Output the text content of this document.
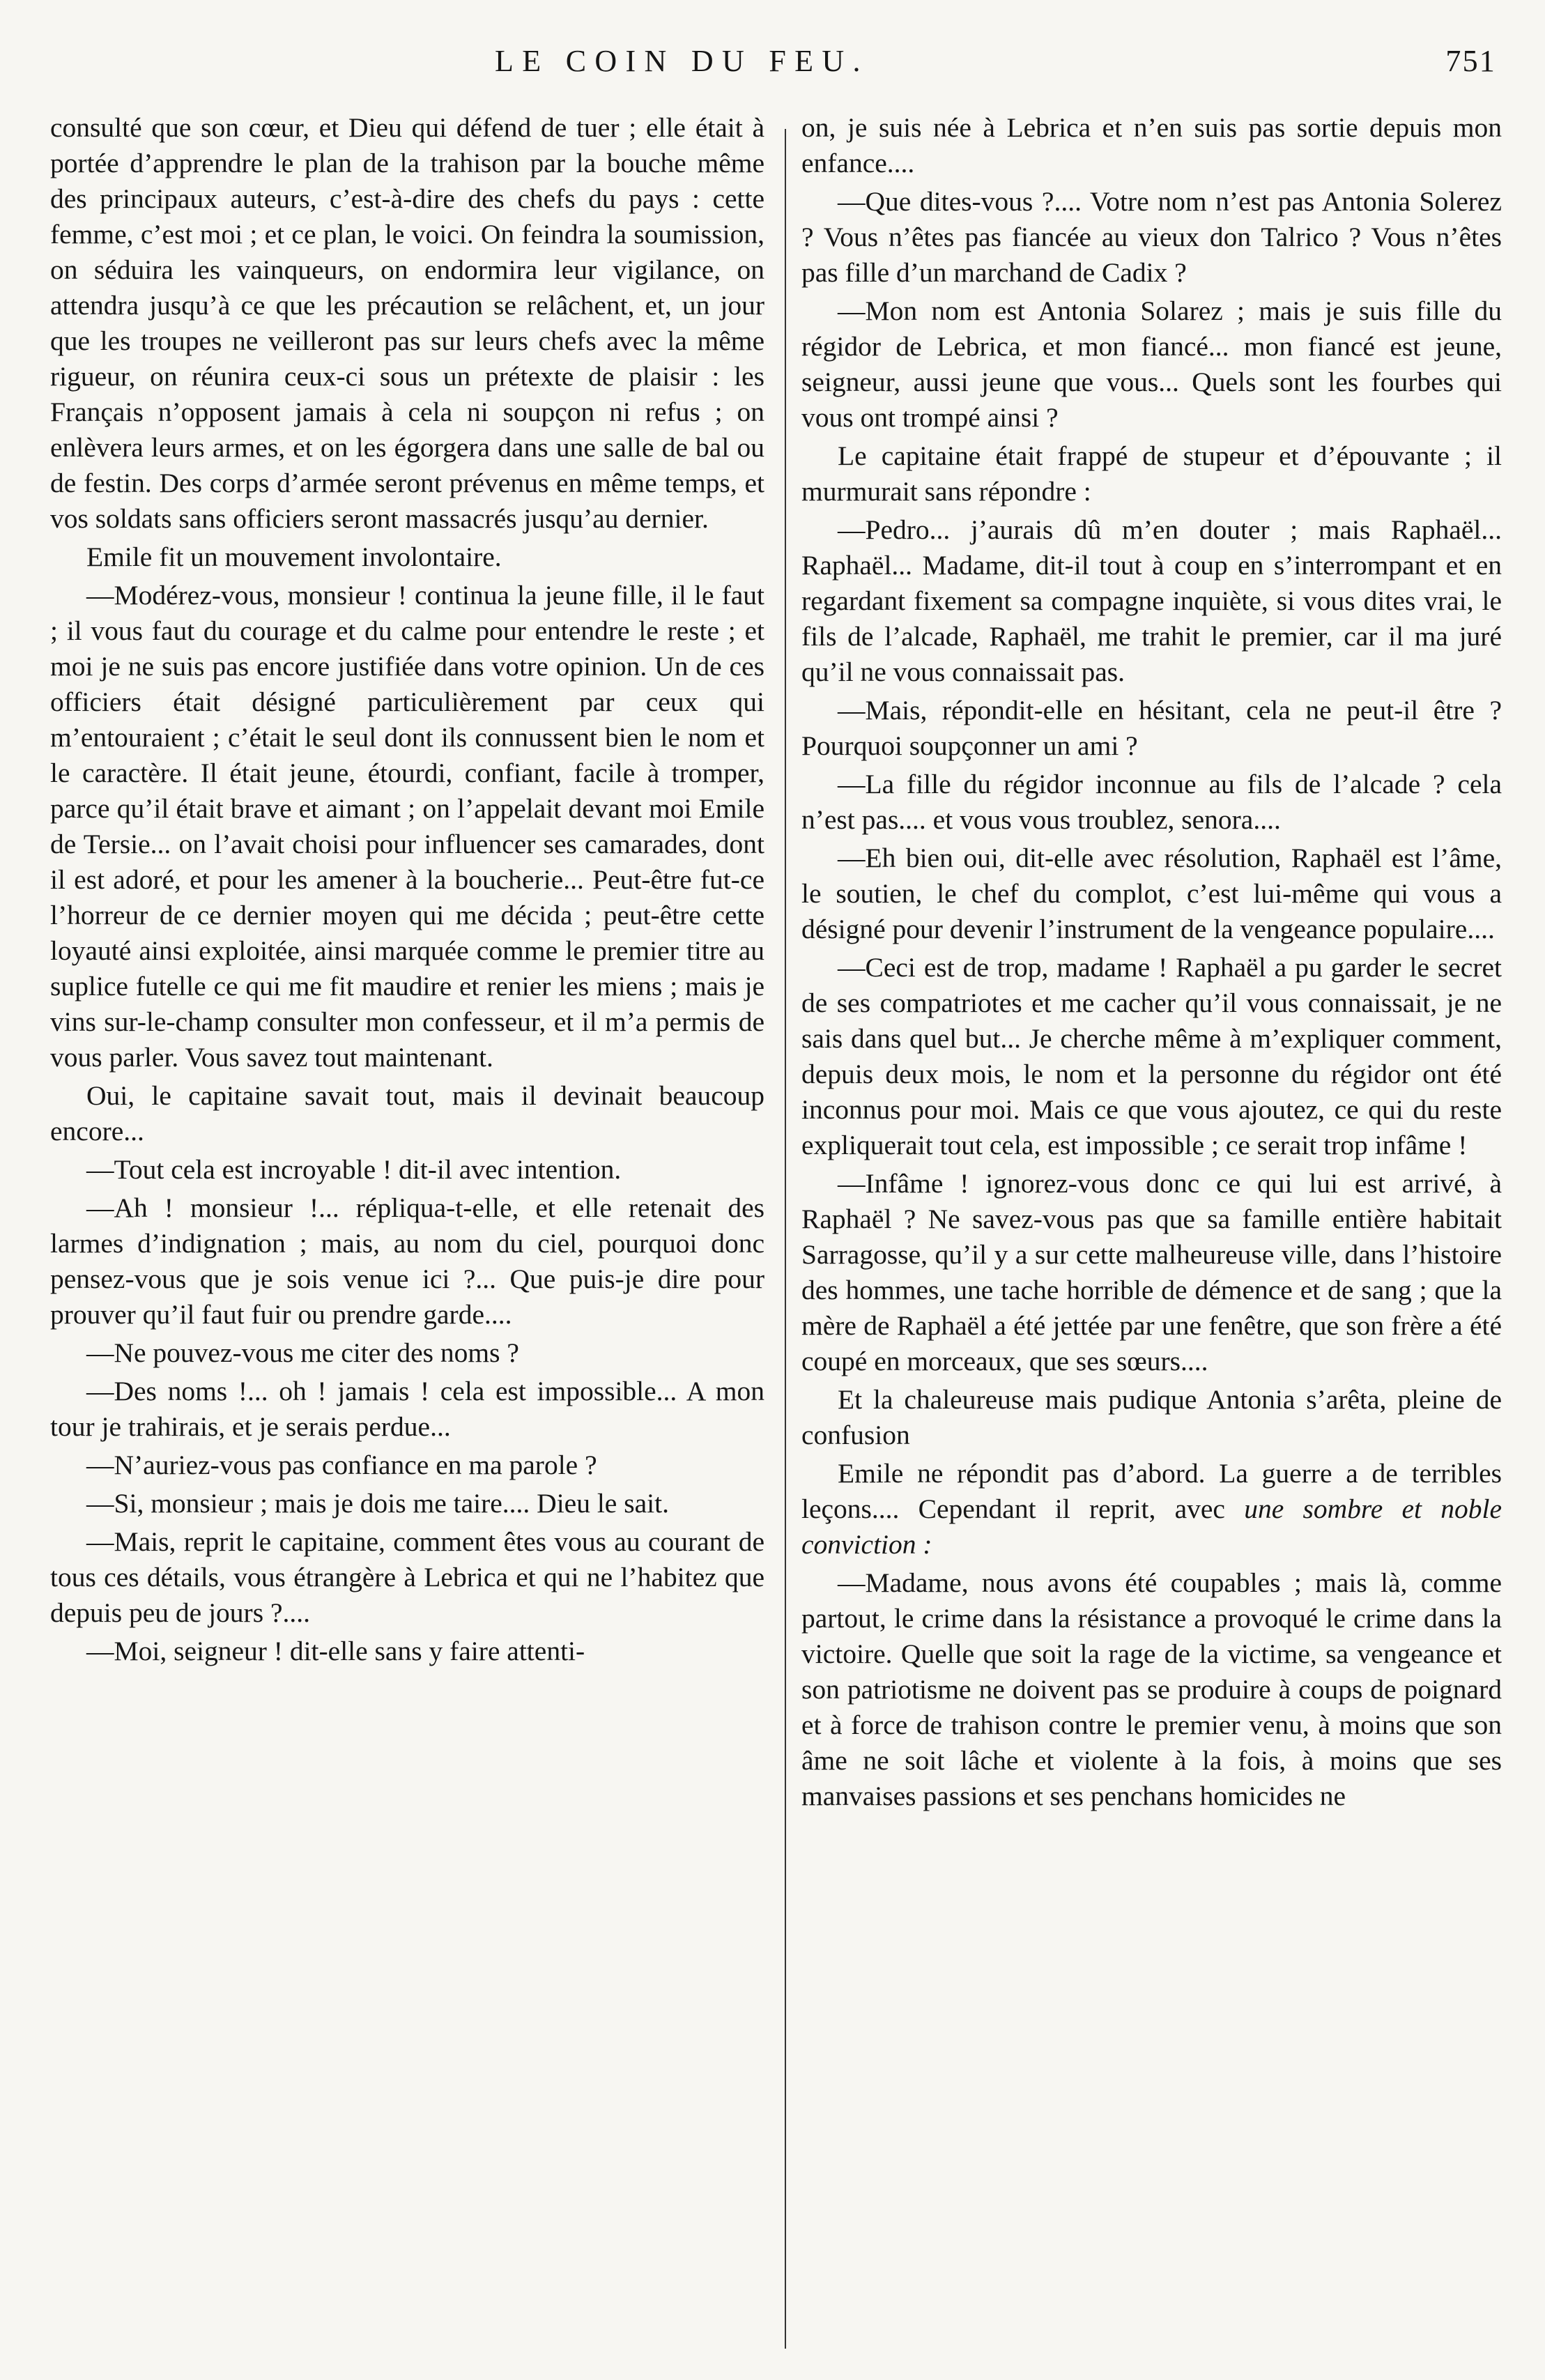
LE COIN DU FEU.	751

consulté que son cœur, et Dieu qui défend de tuer ; elle était à portée d’apprendre le plan de la trahison par la bouche même des principaux auteurs, c’est-à-dire des chefs du pays : cette femme, c’est moi ; et ce plan, le voici. On feindra la soumission, on séduira les vainqueurs, on endormira leur vigilance, on attendra jusqu’à ce que les précaution se relâchent, et, un jour que les troupes ne veilleront pas sur leurs chefs avec la même rigueur, on réunira ceux-ci sous un prétexte de plaisir : les Français n’opposent jamais à cela ni soupçon ni refus ; on enlèvera leurs armes, et on les égorgera dans une salle de bal ou de festin. Des corps d’armée seront prévenus en même temps, et vos soldats sans officiers seront massacrés jusqu’au dernier.

Emile fit un mouvement involontaire.

—Modérez-vous, monsieur ! continua la jeune fille, il le faut ; il vous faut du courage et du calme pour entendre le reste ; et moi je ne suis pas encore justifiée dans votre opinion. Un de ces officiers était désigné particulièrement par ceux qui m’entouraient ; c’était le seul dont ils connussent bien le nom et le caractère. Il était jeune, étourdi, confiant, facile à tromper, parce qu’il était brave et aimant ; on l’appelait devant moi Emile de Tersie... on l’avait choisi pour influencer ses camarades, dont il est adoré, et pour les amener à la boucherie... Peut-être fut-ce l’horreur de ce dernier moyen qui me décida ; peut-être cette loyauté ainsi exploitée, ainsi marquée comme le premier titre au suplice futelle ce qui me fit maudire et renier les miens ; mais je vins sur-le-champ consulter mon confesseur, et il m’a permis de vous parler. Vous savez tout maintenant.

Oui, le capitaine savait tout, mais il devinait beaucoup encore...

—Tout cela est incroyable ! dit-il avec intention.

—Ah ! monsieur !... répliqua-t-elle, et elle retenait des larmes d’indignation ; mais, au nom du ciel, pourquoi donc pensez-vous que je sois venue ici ?... Que puis-je dire pour prouver qu’il faut fuir ou prendre garde....

—Ne pouvez-vous me citer des noms ?

—Des noms !... oh ! jamais ! cela est impossible... A mon tour je trahirais, et je serais perdue...

—N’auriez-vous pas confiance en ma parole ?

—Si, monsieur ; mais je dois me taire.... Dieu le sait.

—Mais, reprit le capitaine, comment êtes vous au courant de tous ces détails, vous étrangère à Lebrica et qui ne l’habitez que depuis peu de jours ?....

—Moi, seigneur ! dit-elle sans y faire attenti-

on, je suis née à Lebrica et n’en suis pas sortie depuis mon enfance....

—Que dites-vous ?.... Votre nom n’est pas Antonia Solerez ? Vous n’êtes pas fiancée au vieux don Talrico ? Vous n’êtes pas fille d’un marchand de Cadix ?

—Mon nom est Antonia Solarez ; mais je suis fille du régidor de Lebrica, et mon fiancé... mon fiancé est jeune, seigneur, aussi jeune que vous... Quels sont les fourbes qui vous ont trompé ainsi ?

Le capitaine était frappé de stupeur et d’épouvante ; il murmurait sans répondre :

—Pedro... j’aurais dû m’en douter ; mais Raphaël... Raphaël... Madame, dit-il tout à coup en s’interrompant et en regardant fixement sa compagne inquiète, si vous dites vrai, le fils de l’alcade, Raphaël, me trahit le premier, car il ma juré qu’il ne vous connaissait pas.

—Mais, répondit-elle en hésitant, cela ne peut-il être ? Pourquoi soupçonner un ami ?

—La fille du régidor inconnue au fils de l’alcade ? cela n’est pas.... et vous vous troublez, senora....

—Eh bien oui, dit-elle avec résolution, Raphaël est l’âme, le soutien, le chef du complot, c’est lui-même qui vous a désigné pour devenir l’instrument de la vengeance populaire....

—Ceci est de trop, madame ! Raphaël a pu garder le secret de ses compatriotes et me cacher qu’il vous connaissait, je ne sais dans quel but... Je cherche même à m’expliquer comment, depuis deux mois, le nom et la personne du régidor ont été inconnus pour moi. Mais ce que vous ajoutez, ce qui du reste expliquerait tout cela, est impossible ; ce serait trop infâme !

—Infâme ! ignorez-vous donc ce qui lui est arrivé, à Raphaël ? Ne savez-vous pas que sa famille entière habitait Sarragosse, qu’il y a sur cette malheureuse ville, dans l’histoire des hommes, une tache horrible de démence et de sang ; que la mère de Raphaël a été jettée par une fenêtre, que son frère a été coupé en morceaux, que ses sœurs....

Et la chaleureuse mais pudique Antonia s’arêta, pleine de confusion

Emile ne répondit pas d’abord. La guerre a de terribles leçons.... Cependant il reprit, avec une sombre et noble conviction :

—Madame, nous avons été coupables ; mais là, comme partout, le crime dans la résistance a provoqué le crime dans la victoire. Quelle que soit la rage de la victime, sa vengeance et son patriotisme ne doivent pas se produire à coups de poignard et à force de trahison contre le premier venu, à moins que son âme ne soit lâche et violente à la fois, à moins que ses manvaises passions et ses penchans homicides ne
